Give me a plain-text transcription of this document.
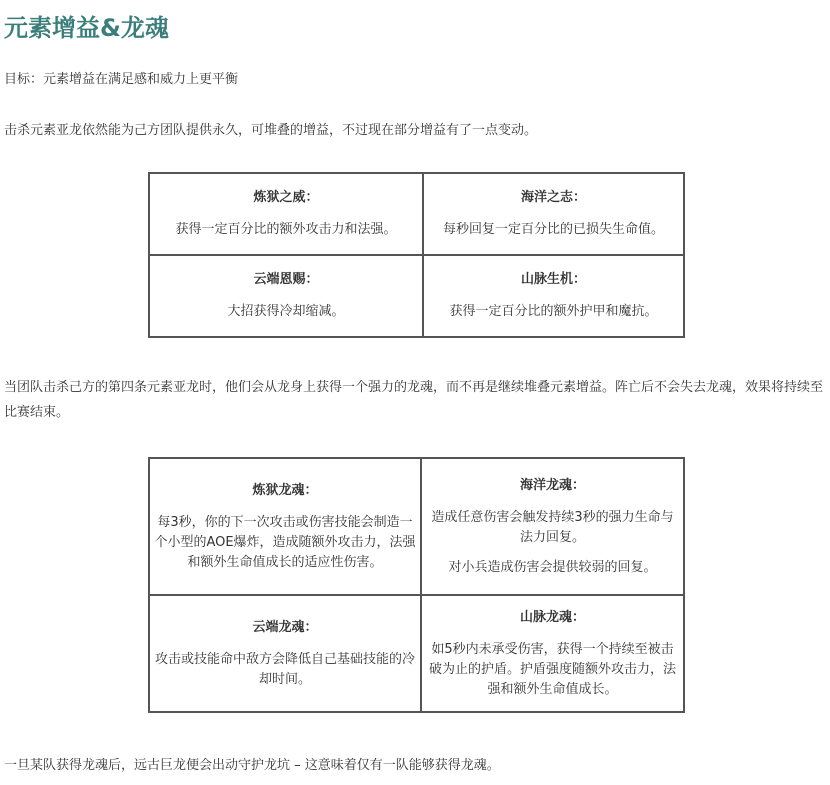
元素增益&龙魂

目标：元素增益在满足感和威力上更平衡

击杀元素亚龙依然能为己方团队提供永久，可堆叠的增益，不过现在部分增益有了一点变动。

炼狱之威：

获得一定百分比的额外攻击力和法强。

海洋之志：

每秒回复一定百分比的已损失生命值。

云端恩赐：

大招获得冷却缩减。

山脉生机：

获得一定百分比的额外护甲和魔抗。

当团队击杀己方的第四条元素亚龙时，他们会从龙身上获得一个强力的龙魂，而不再是继续堆叠元素增益。阵亡后不会失去龙魂，效果将持续至比赛结束。

炼狱龙魂：

每3秒，你的下一次攻击或伤害技能会制造一个小型的AOE爆炸，造成随额外攻击力，法强和额外生命值成长的适应性伤害。

海洋龙魂：

造成任意伤害会触发持续3秒的强力生命与法力回复。

对小兵造成伤害会提供较弱的回复。

云端龙魂：

攻击或技能命中敌方会降低自己基础技能的冷却时间。

山脉龙魂：

如5秒内未承受伤害，获得一个持续至被击破为止的护盾。护盾强度随额外攻击力，法强和额外生命值成长。

一旦某队获得龙魂后，远古巨龙便会出动守护龙坑 – 这意味着仅有一队能够获得龙魂。
